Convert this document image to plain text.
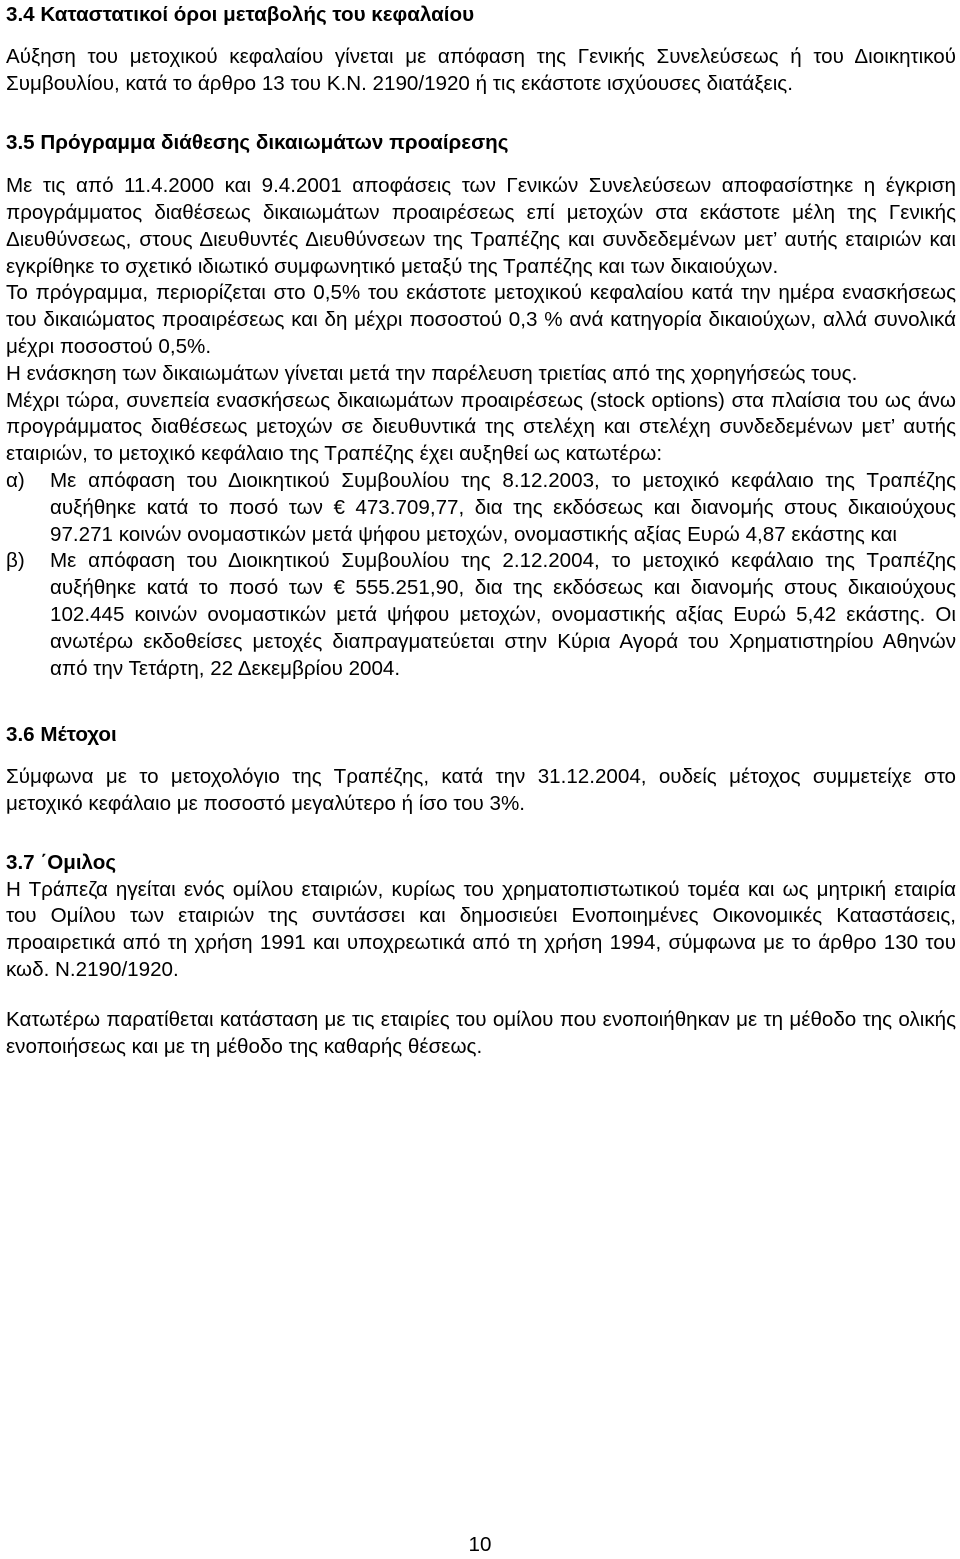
3.4 Καταστατικοί όροι μεταβολής του κεφαλαίου

Αύξηση του μετοχικού κεφαλαίου γίνεται με απόφαση της Γενικής Συνελεύσεως ή του Διοικητικού Συμβουλίου, κατά το άρθρο 13 του Κ.Ν. 2190/1920 ή τις εκάστοτε ισχύουσες διατάξεις.

3.5 Πρόγραμμα διάθεσης δικαιωμάτων προαίρεσης

Με τις από 11.4.2000 και 9.4.2001 αποφάσεις των Γενικών Συνελεύσεων αποφασίστηκε η έγκριση προγράμματος διαθέσεως δικαιωμάτων προαιρέσεως επί μετοχών στα εκάστοτε μέλη της Γενικής Διευθύνσεως, στους Διευθυντές Διευθύνσεων της Τραπέζης και συνδεδεμένων μετ’ αυτής εταιριών και εγκρίθηκε το σχετικό ιδιωτικό συμφωνητικό μεταξύ της Τραπέζης και των δικαιούχων.

Το πρόγραμμα, περιορίζεται στο 0,5% του εκάστοτε μετοχικού κεφαλαίου κατά την ημέρα ενασκήσεως του δικαιώματος προαιρέσεως και δη μέχρι ποσοστού 0,3 % ανά κατηγορία δικαιούχων, αλλά συνολικά μέχρι ποσοστού 0,5%.

Η ενάσκηση των δικαιωμάτων γίνεται μετά την παρέλευση τριετίας από της χορηγήσεώς τους.

Μέχρι τώρα, συνεπεία ενασκήσεως δικαιωμάτων προαιρέσεως (stock options) στα πλαίσια του ως άνω προγράμματος διαθέσεως μετοχών σε διευθυντικά της στελέχη και στελέχη συνδεδεμένων μετ’ αυτής εταιριών, το μετοχικό κεφάλαιο της Τραπέζης έχει αυξηθεί ως κατωτέρω:

α)	Με απόφαση του Διοικητικού Συμβουλίου της 8.12.2003, το μετοχικό κεφάλαιο της Τραπέζης αυξήθηκε κατά το ποσό των € 473.709,77, δια της εκδόσεως και διανομής στους δικαιούχους 97.271 κοινών ονομαστικών μετά ψήφου μετοχών, ονομαστικής αξίας Ευρώ 4,87 εκάστης και
β)	Με απόφαση του Διοικητικού Συμβουλίου της 2.12.2004, το μετοχικό κεφάλαιο της Τραπέζης αυξήθηκε κατά το ποσό των € 555.251,90, δια της εκδόσεως και διανομής στους δικαιούχους 102.445 κοινών ονομαστικών μετά ψήφου μετοχών, ονομαστικής αξίας Ευρώ 5,42 εκάστης. Οι ανωτέρω εκδοθείσες μετοχές διαπραγματεύεται στην Κύρια Αγορά του Χρηματιστηρίου Αθηνών από την Τετάρτη, 22 Δεκεμβρίου 2004.
3.6 Μέτοχοι

Σύμφωνα με το μετοχολόγιο της Τραπέζης, κατά την 31.12.2004, ουδείς μέτοχος συμμετείχε στο μετοχικό κεφάλαιο με ποσοστό μεγαλύτερο ή ίσο του 3%.

3.7 ΄Ομιλος

Η Τράπεζα ηγείται ενός ομίλου εταιριών, κυρίως του χρηματοπιστωτικού τομέα και ως μητρική εταιρία του Ομίλου των εταιριών της συντάσσει και δημοσιεύει Ενοποιημένες Οικονομικές Καταστάσεις, προαιρετικά από τη χρήση 1991 και υποχρεωτικά από τη χρήση 1994, σύμφωνα με το άρθρο 130 του κωδ. Ν.2190/1920.

Κατωτέρω παρατίθεται κατάσταση με τις εταιρίες του ομίλου που ενοποιήθηκαν με τη μέθοδο της ολικής ενοποιήσεως και με τη μέθοδο της καθαρής θέσεως.

10
